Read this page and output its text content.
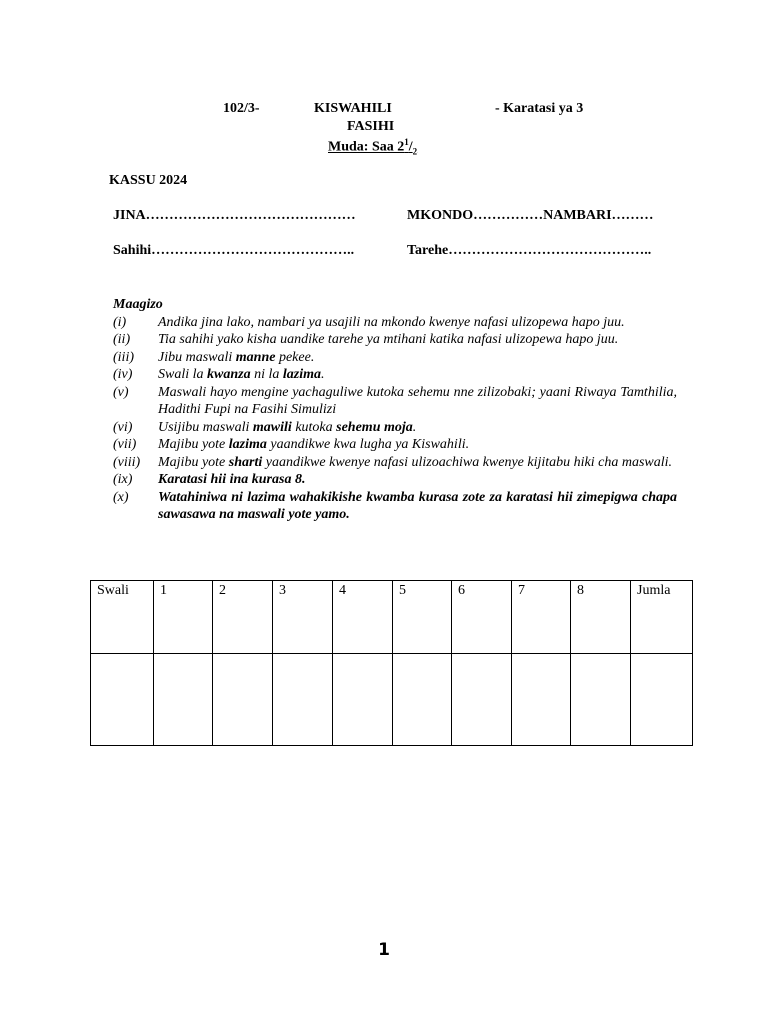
102/3-	KISWAHILI	- Karatasi ya 3
FASIHI
Muda: Saa $2^1/_2$
KASSU 2024
JINA………………………………………	MKONDO……………NAMBARI………
Sahihi……………………………………..	Tarehe……………………………………..
Maagizo
(i)	Andika jina lako, nambari ya usajili na mkondo kwenye nafasi ulizopewa hapo juu.
(ii)	Tia sahihi yako kisha uandike tarehe ya mtihani katika nafasi ulizopewa hapo juu.
(iii)	Jibu maswali manne pekee.
(iv)	Swali la kwanza ni la lazima.
(v)	Maswali hayo mengine yachaguliwe kutoka sehemu nne zilizobaki; yaani Riwaya Tamthilia, Hadithi Fupi na Fasihi Simulizi
(vi)	Usijibu maswali mawili kutoka sehemu moja.
(vii)	Majibu yote lazima yaandikwe kwa lugha ya Kiswahili.
(viii)	Majibu yote sharti yaandikwe kwenye nafasi ulizoachiwa kwenye kijitabu hiki cha maswali.
(ix)	Karatasi hii ina kurasa 8.
(x)	Watahiniwa ni lazima wahakikishe kwamba kurasa zote za karatasi hii zimepigwa chapa sawasawa na maswali yote yamo.
Swali	1	2	3	4	5	6	7	8	Jumla

1
